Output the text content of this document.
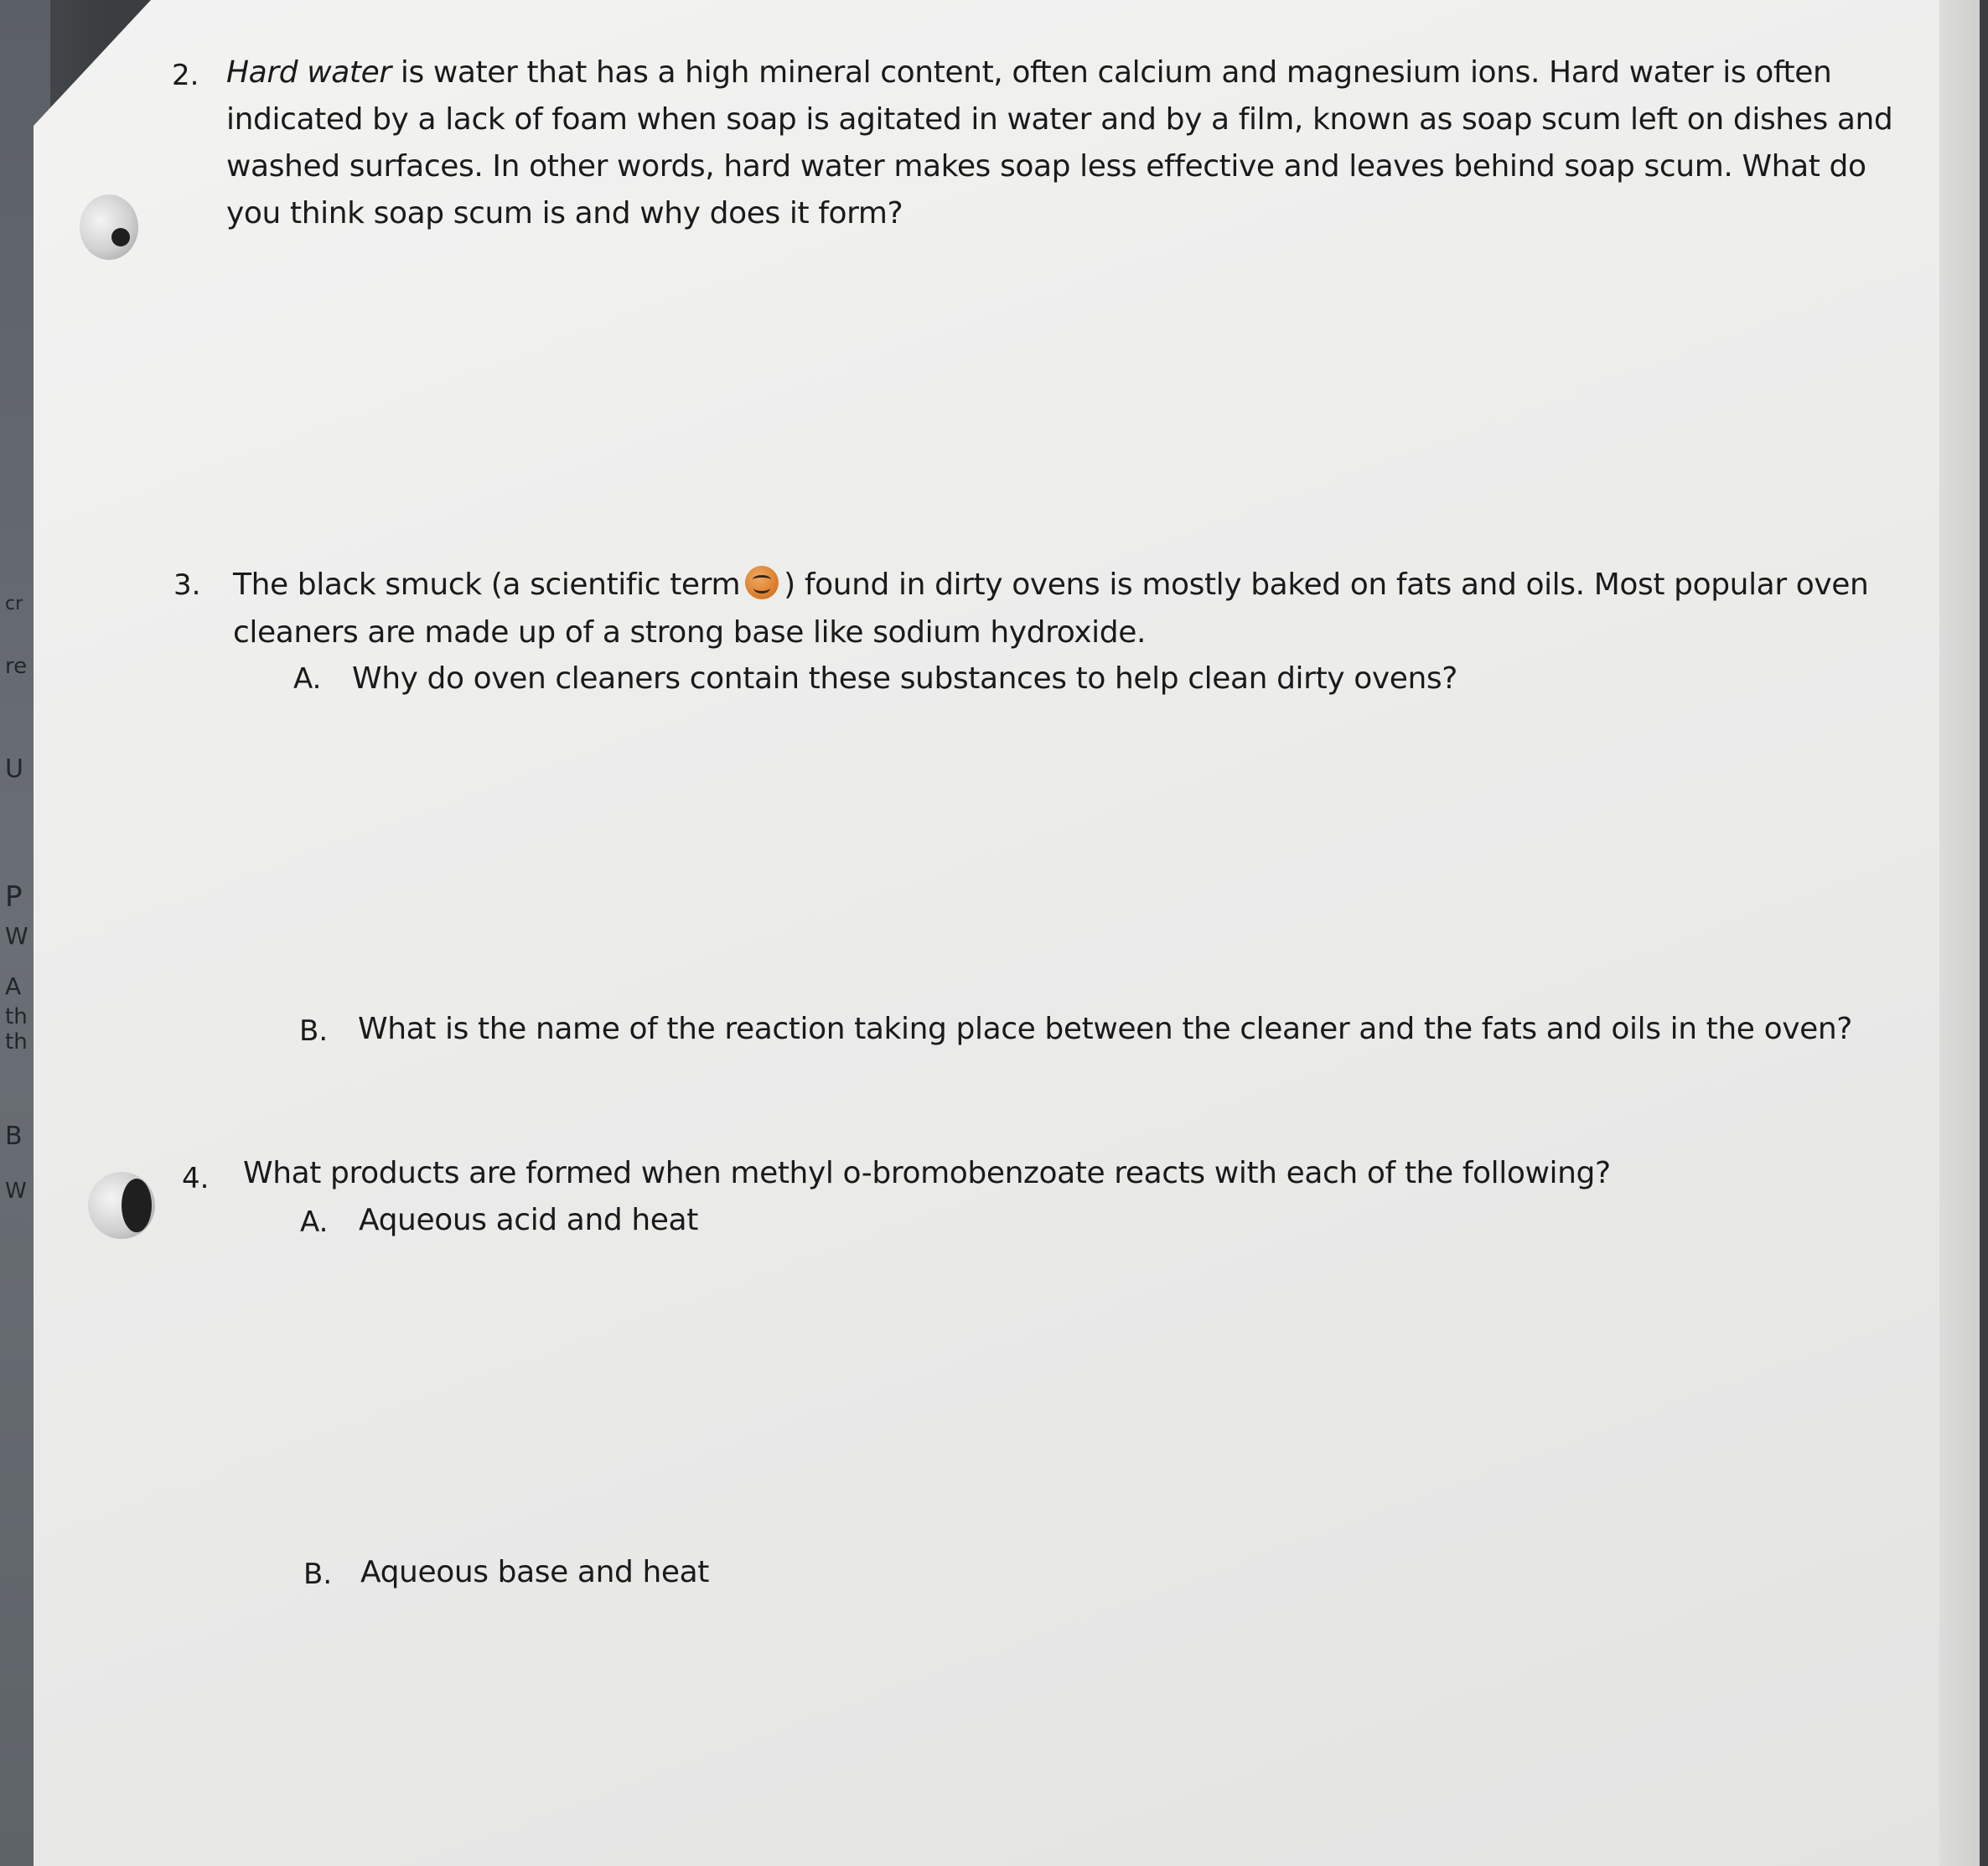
P
W
A
th
th
B
W
cr
re
U
2. Hard water is water that has a high mineral content, often calcium and magnesium ions. Hard water is often
indicated by a lack of foam when soap is agitated in water and by a film, known as soap scum left on dishes and
washed surfaces. In other words, hard water makes soap less effective and leaves behind soap scum. What do
you think soap scum is and why does it form?
3. The black smuck (a scientific term ) found in dirty ovens is mostly baked on fats and oils. Most popular oven
cleaners are made up of a strong base like sodium hydroxide.
A. Why do oven cleaners contain these substances to help clean dirty ovens?
B. What is the name of the reaction taking place between the cleaner and the fats and oils in the oven?
4. What products are formed when methyl o-bromobenzoate reacts with each of the following?
A. Aqueous acid and heat
B. Aqueous base and heat
